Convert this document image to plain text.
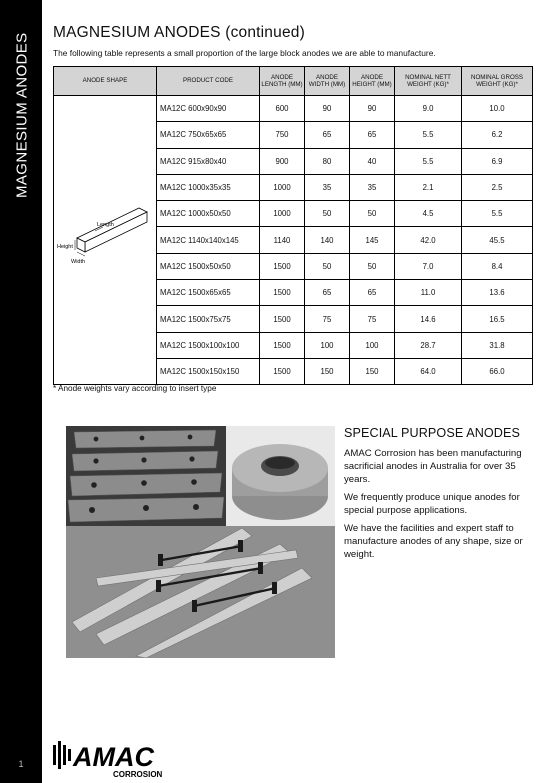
MAGNESIUM ANODES
1
MAGNESIUM ANODES (continued)
The following table represents a small proportion of the large block anodes we are able to manufacture.
ANODE SHAPE	PRODUCT CODE	ANODE LENGTH (MM)	ANODE WIDTH (MM)	ANODE HEIGHT (MM)	NOMINAL NETT WEIGHT (KG)*	NOMINAL GROSS WEIGHT (KG)*

Length
Height
Width	MA12C 600x90x90	600	90	90	9.0	10.0
	MA12C 750x65x65	750	65	65	5.5	6.2
	MA12C 915x80x40	900	80	40	5.5	6.9
	MA12C 1000x35x35	1000	35	35	2.1	2.5
	MA12C 1000x50x50	1000	50	50	4.5	5.5
	MA12C 1140x140x145	1140	140	145	42.0	45.5
	MA12C 1500x50x50	1500	50	50	7.0	8.4
	MA12C 1500x65x65	1500	65	65	11.0	13.6
	MA12C 1500x75x75	1500	75	75	14.6	16.5
	MA12C 1500x100x100	1500	100	100	28.7	31.8
	MA12C 1500x150x150	1500	150	150	64.0	66.0
* Anode weights vary according to insert type
SPECIAL PURPOSE ANODES

AMAC Corrosion has been manufacturing sacrificial anodes in Australia for over 35 years.

We frequently produce unique anodes for special purpose applications.

We have the facilities and expert staff to manufacture anodes of any shape, size or weight.

AMAC
CORROSION
